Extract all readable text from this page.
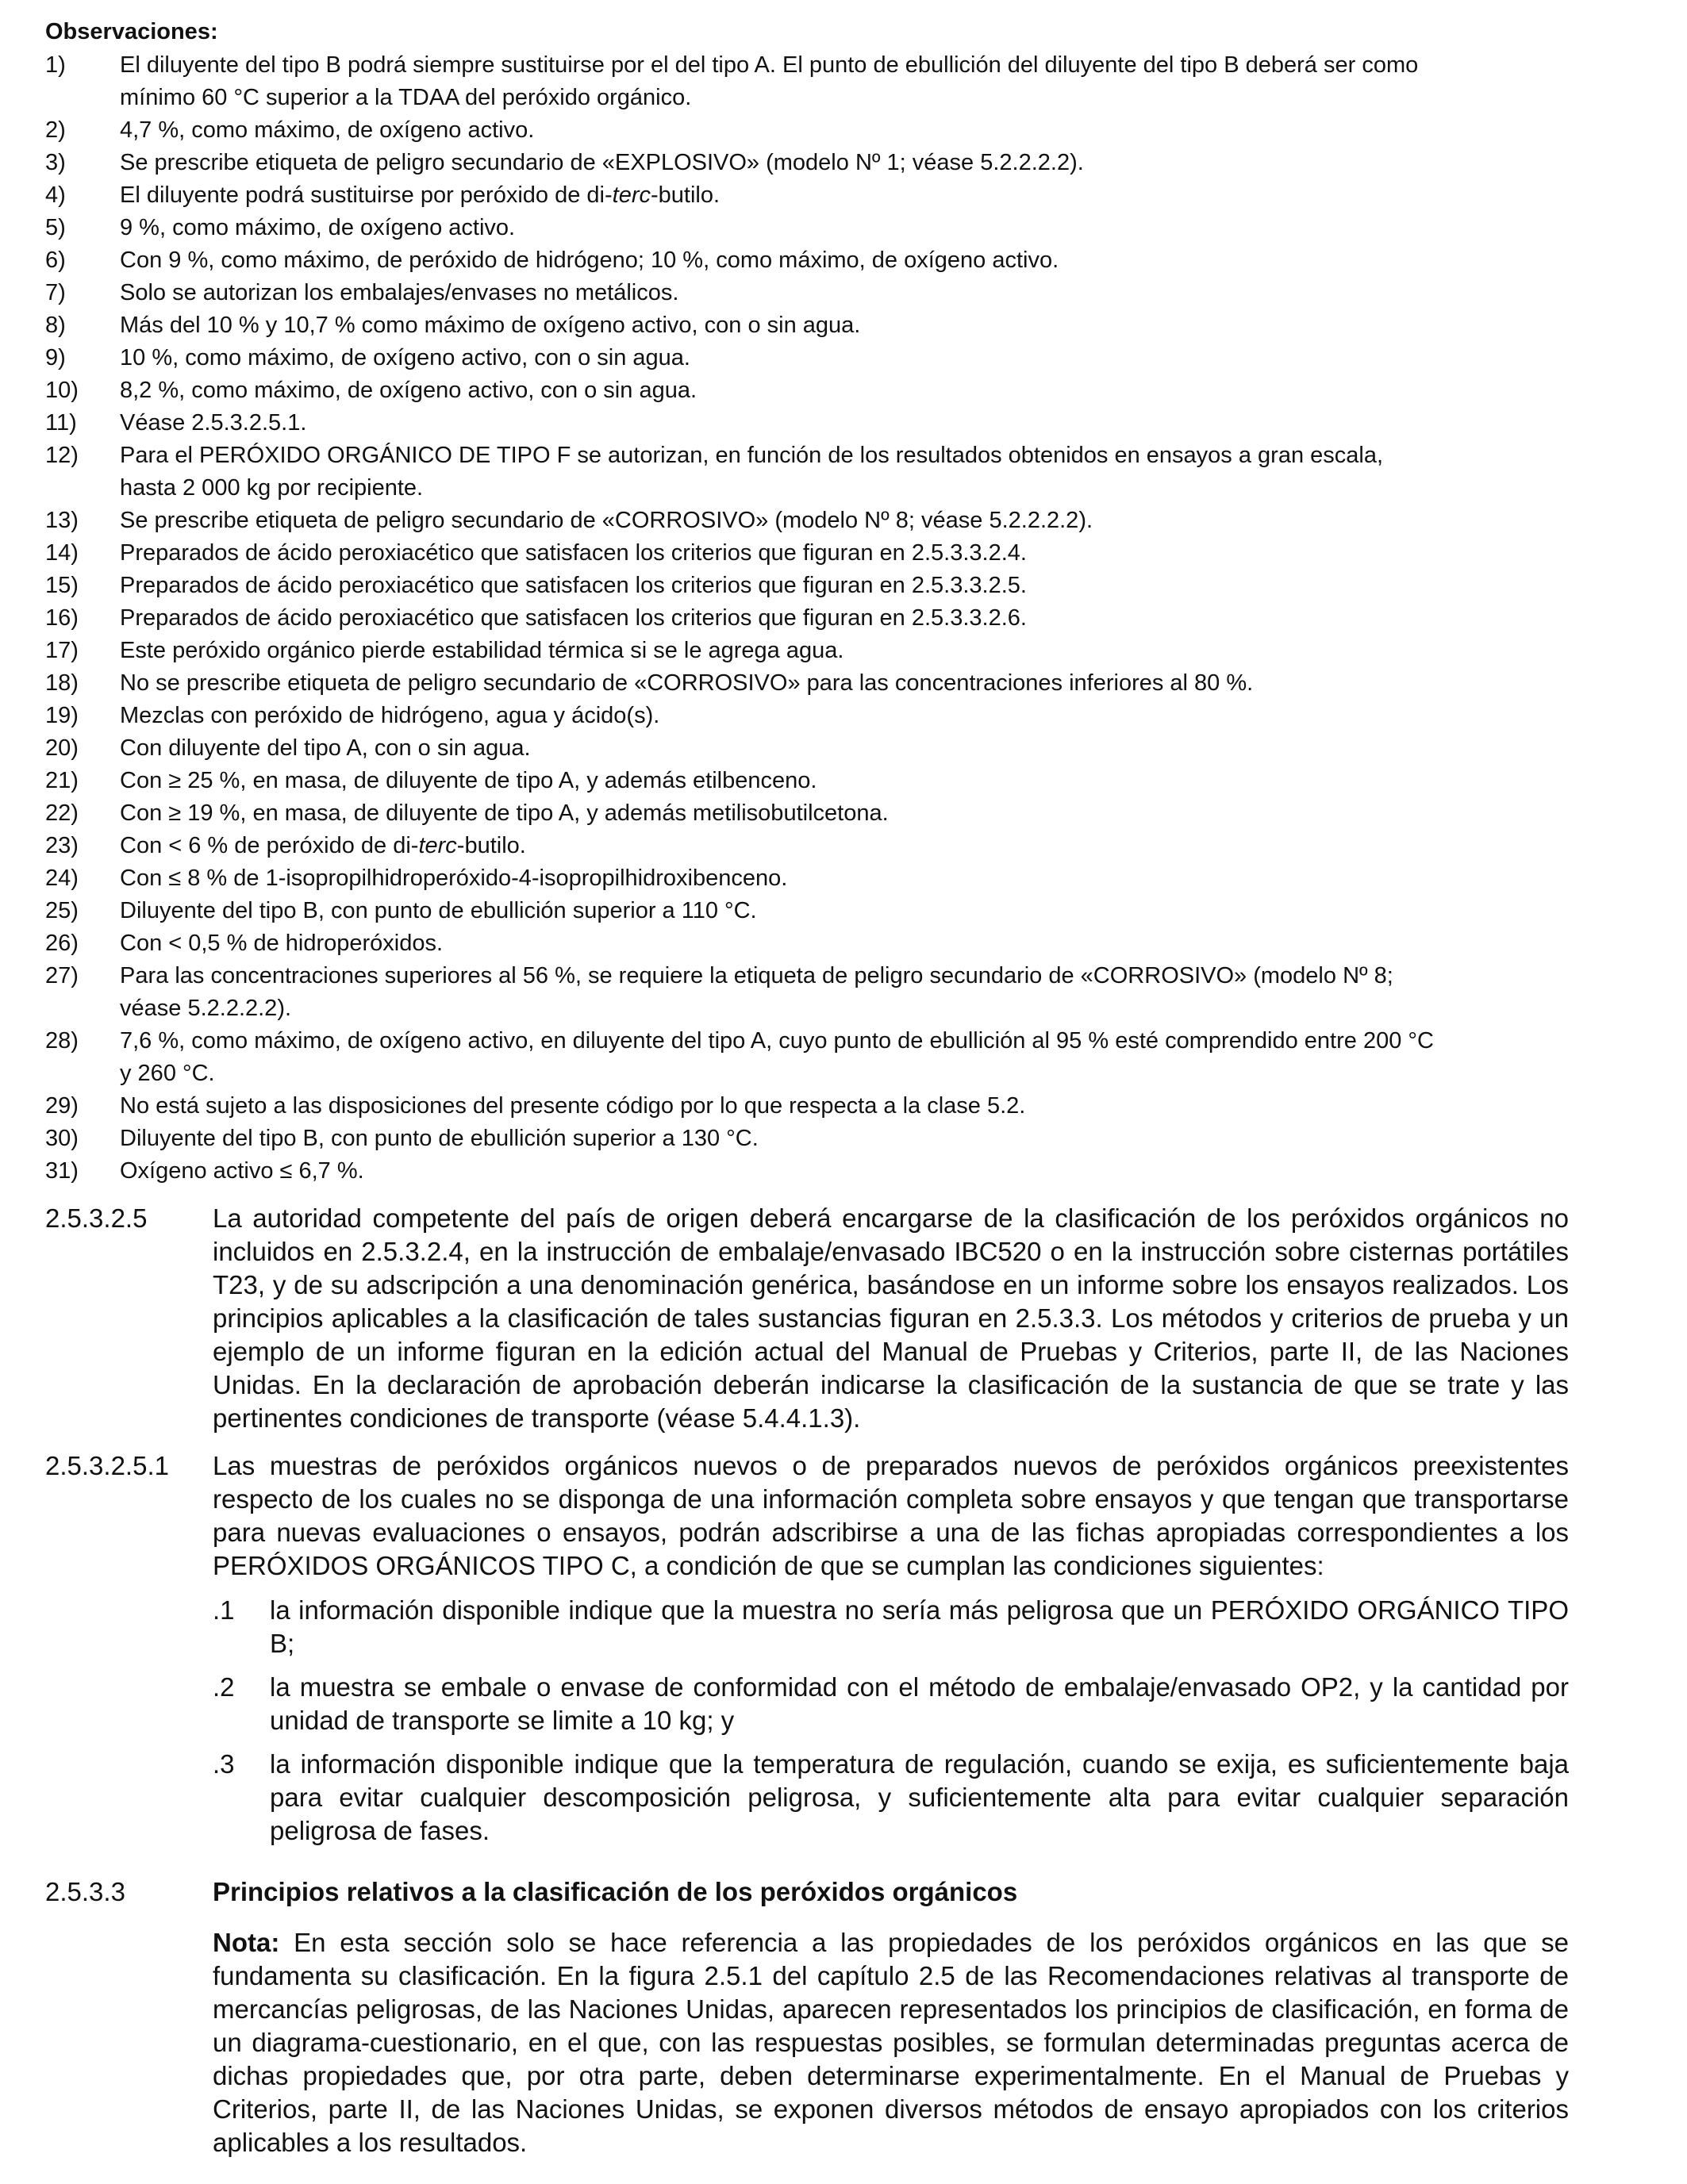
Observaciones:
1)	El diluyente del tipo B podrá siempre sustituirse por el del tipo A. El punto de ebullición del diluyente del tipo B deberá ser como
mínimo 60 °C superior a la TDAA del peróxido orgánico.
2)	4,7 %, como máximo, de oxígeno activo.
3)	Se prescribe etiqueta de peligro secundario de «EXPLOSIVO» (modelo Nº 1; véase 5.2.2.2.2).
4)	El diluyente podrá sustituirse por peróxido de di-terc-butilo.
5)	9 %, como máximo, de oxígeno activo.
6)	Con 9 %, como máximo, de peróxido de hidrógeno; 10 %, como máximo, de oxígeno activo.
7)	Solo se autorizan los embalajes/envases no metálicos.
8)	Más del 10 % y 10,7 % como máximo de oxígeno activo, con o sin agua.
9)	10 %, como máximo, de oxígeno activo, con o sin agua.
10)	8,2 %, como máximo, de oxígeno activo, con o sin agua.
11)	Véase 2.5.3.2.5.1.
12)	Para el PERÓXIDO ORGÁNICO DE TIPO F se autorizan, en función de los resultados obtenidos en ensayos a gran escala,
hasta 2 000 kg por recipiente.
13)	Se prescribe etiqueta de peligro secundario de «CORROSIVO» (modelo Nº 8; véase 5.2.2.2.2).
14)	Preparados de ácido peroxiacético que satisfacen los criterios que figuran en 2.5.3.3.2.4.
15)	Preparados de ácido peroxiacético que satisfacen los criterios que figuran en 2.5.3.3.2.5.
16)	Preparados de ácido peroxiacético que satisfacen los criterios que figuran en 2.5.3.3.2.6.
17)	Este peróxido orgánico pierde estabilidad térmica si se le agrega agua.
18)	No se prescribe etiqueta de peligro secundario de «CORROSIVO» para las concentraciones inferiores al 80 %.
19)	Mezclas con peróxido de hidrógeno, agua y ácido(s).
20)	Con diluyente del tipo A, con o sin agua.
21)	Con ≥ 25 %, en masa, de diluyente de tipo A, y además etilbenceno.
22)	Con ≥ 19 %, en masa, de diluyente de tipo A, y además metilisobutilcetona.
23)	Con < 6 % de peróxido de di-terc-butilo.
24)	Con ≤ 8 % de 1-isopropilhidroperóxido-4-isopropilhidroxibenceno.
25)	Diluyente del tipo B, con punto de ebullición superior a 110 °C.
26)	Con < 0,5 % de hidroperóxidos.
27)	Para las concentraciones superiores al 56 %, se requiere la etiqueta de peligro secundario de «CORROSIVO» (modelo Nº 8;
véase 5.2.2.2.2).
28)	7,6 %, como máximo, de oxígeno activo, en diluyente del tipo A, cuyo punto de ebullición al 95 % esté comprendido entre 200 °C
y 260 °C.
29)	No está sujeto a las disposiciones del presente código por lo que respecta a la clase 5.2.
30)	Diluyente del tipo B, con punto de ebullición superior a 130 °C.
31)	Oxígeno activo ≤ 6,7 %.
2.5.3.2.5	La autoridad competente del país de origen deberá encargarse de la clasificación de los peróxidos orgánicos no incluidos en 2.5.3.2.4, en la instrucción de embalaje/envasado IBC520 o en la instrucción sobre cisternas portátiles T23, y de su adscripción a una denominación genérica, basándose en un informe sobre los ensayos realizados. Los principios aplicables a la clasificación de tales sustancias figuran en 2.5.3.3. Los métodos y criterios de prueba y un ejemplo de un informe figuran en la edición actual del Manual de Pruebas y Criterios, parte II, de las Naciones Unidas. En la declaración de aprobación deberán indicarse la clasificación de la sustancia de que se trate y las pertinentes condiciones de transporte (véase 5.4.4.1.3).
2.5.3.2.5.1	Las muestras de peróxidos orgánicos nuevos o de preparados nuevos de peróxidos orgánicos preexistentes respecto de los cuales no se disponga de una información completa sobre ensayos y que tengan que transportarse para nuevas evaluaciones o ensayos, podrán adscribirse a una de las fichas apropiadas correspondientes a los PERÓXIDOS ORGÁNICOS TIPO C, a condición de que se cumplan las condiciones siguientes:
.1	la información disponible indique que la muestra no sería más peligrosa que un PERÓXIDO ORGÁNICO TIPO B;
.2	la muestra se embale o envase de conformidad con el método de embalaje/envasado OP2, y la cantidad por unidad de transporte se limite a 10 kg; y
.3	la información disponible indique que la temperatura de regulación, cuando se exija, es suficientemente baja para evitar cualquier descomposición peligrosa, y suficientemente alta para evitar cualquier separación peligrosa de fases.
2.5.3.3	Principios relativos a la clasificación de los peróxidos orgánicos
Nota: En esta sección solo se hace referencia a las propiedades de los peróxidos orgánicos en las que se fundamenta su clasificación. En la figura 2.5.1 del capítulo 2.5 de las Recomendaciones relativas al transporte de mercancías peligrosas, de las Naciones Unidas, aparecen representados los principios de clasificación, en forma de un diagrama-cuestionario, en el que, con las respuestas posibles, se formulan determinadas preguntas acerca de dichas propiedades que, por otra parte, deben determinarse experimentalmente. En el Manual de Pruebas y Criterios, parte II, de las Naciones Unidas, se exponen diversos métodos de ensayo apropiados con los criterios aplicables a los resultados.
